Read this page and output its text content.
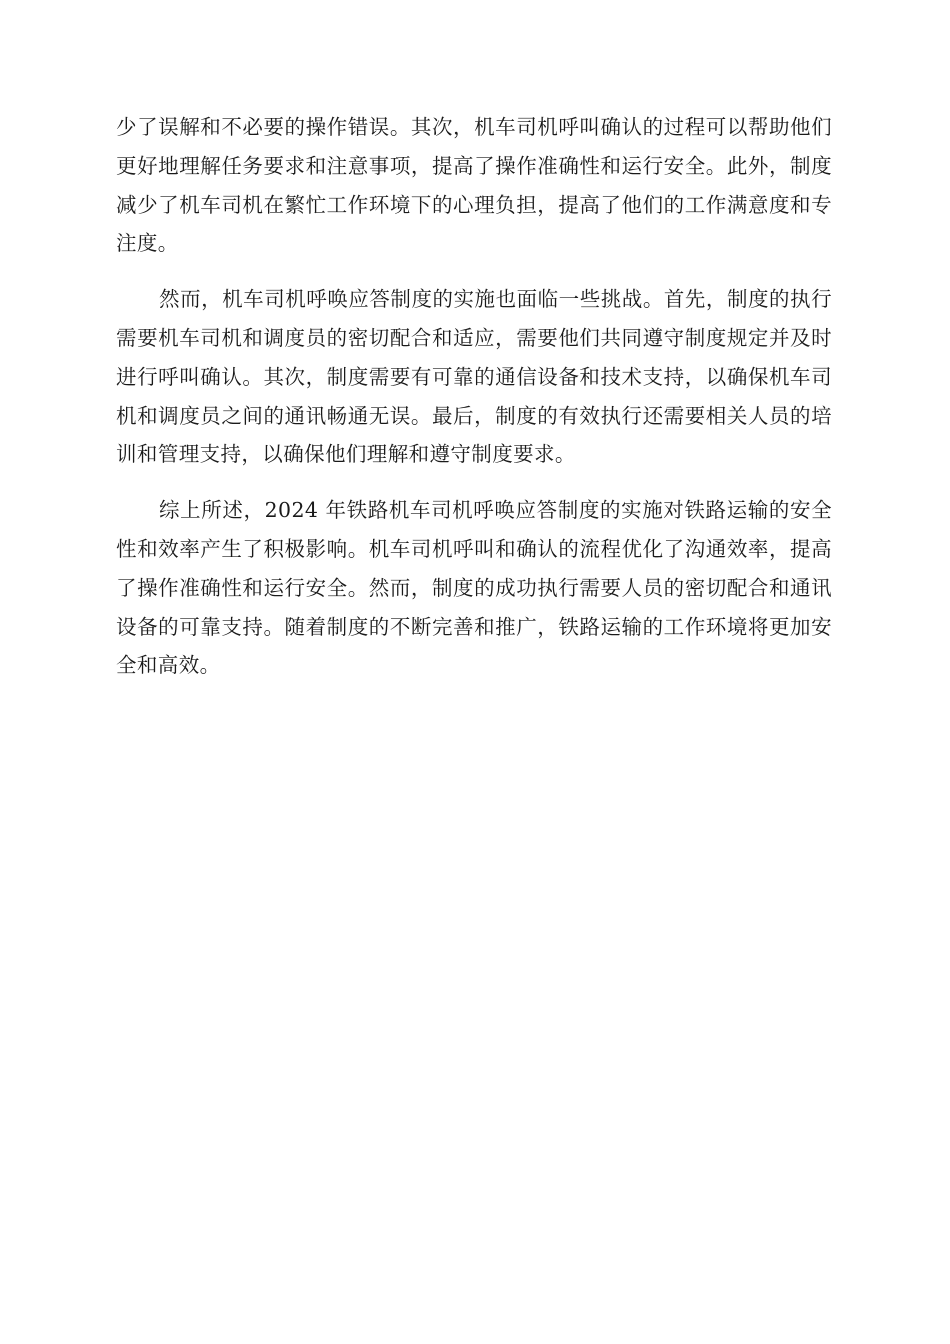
少了误解和不必要的操作错误。其次，机车司机呼叫确认的过程可以帮助他们更好地理解任务要求和注意事项，提高了操作准确性和运行安全。此外，制度减少了机车司机在繁忙工作环境下的心理负担，提高了他们的工作满意度和专注度。

然而，机车司机呼唤应答制度的实施也面临一些挑战。首先，制度的执行需要机车司机和调度员的密切配合和适应，需要他们共同遵守制度规定并及时进行呼叫确认。其次，制度需要有可靠的通信设备和技术支持，以确保机车司机和调度员之间的通讯畅通无误。最后，制度的有效执行还需要相关人员的培训和管理支持，以确保他们理解和遵守制度要求。

综上所述，2024 年铁路机车司机呼唤应答制度的实施对铁路运输的安全性和效率产生了积极影响。机车司机呼叫和确认的流程优化了沟通效率，提高了操作准确性和运行安全。然而，制度的成功执行需要人员的密切配合和通讯设备的可靠支持。随着制度的不断完善和推广，铁路运输的工作环境将更加安全和高效。
